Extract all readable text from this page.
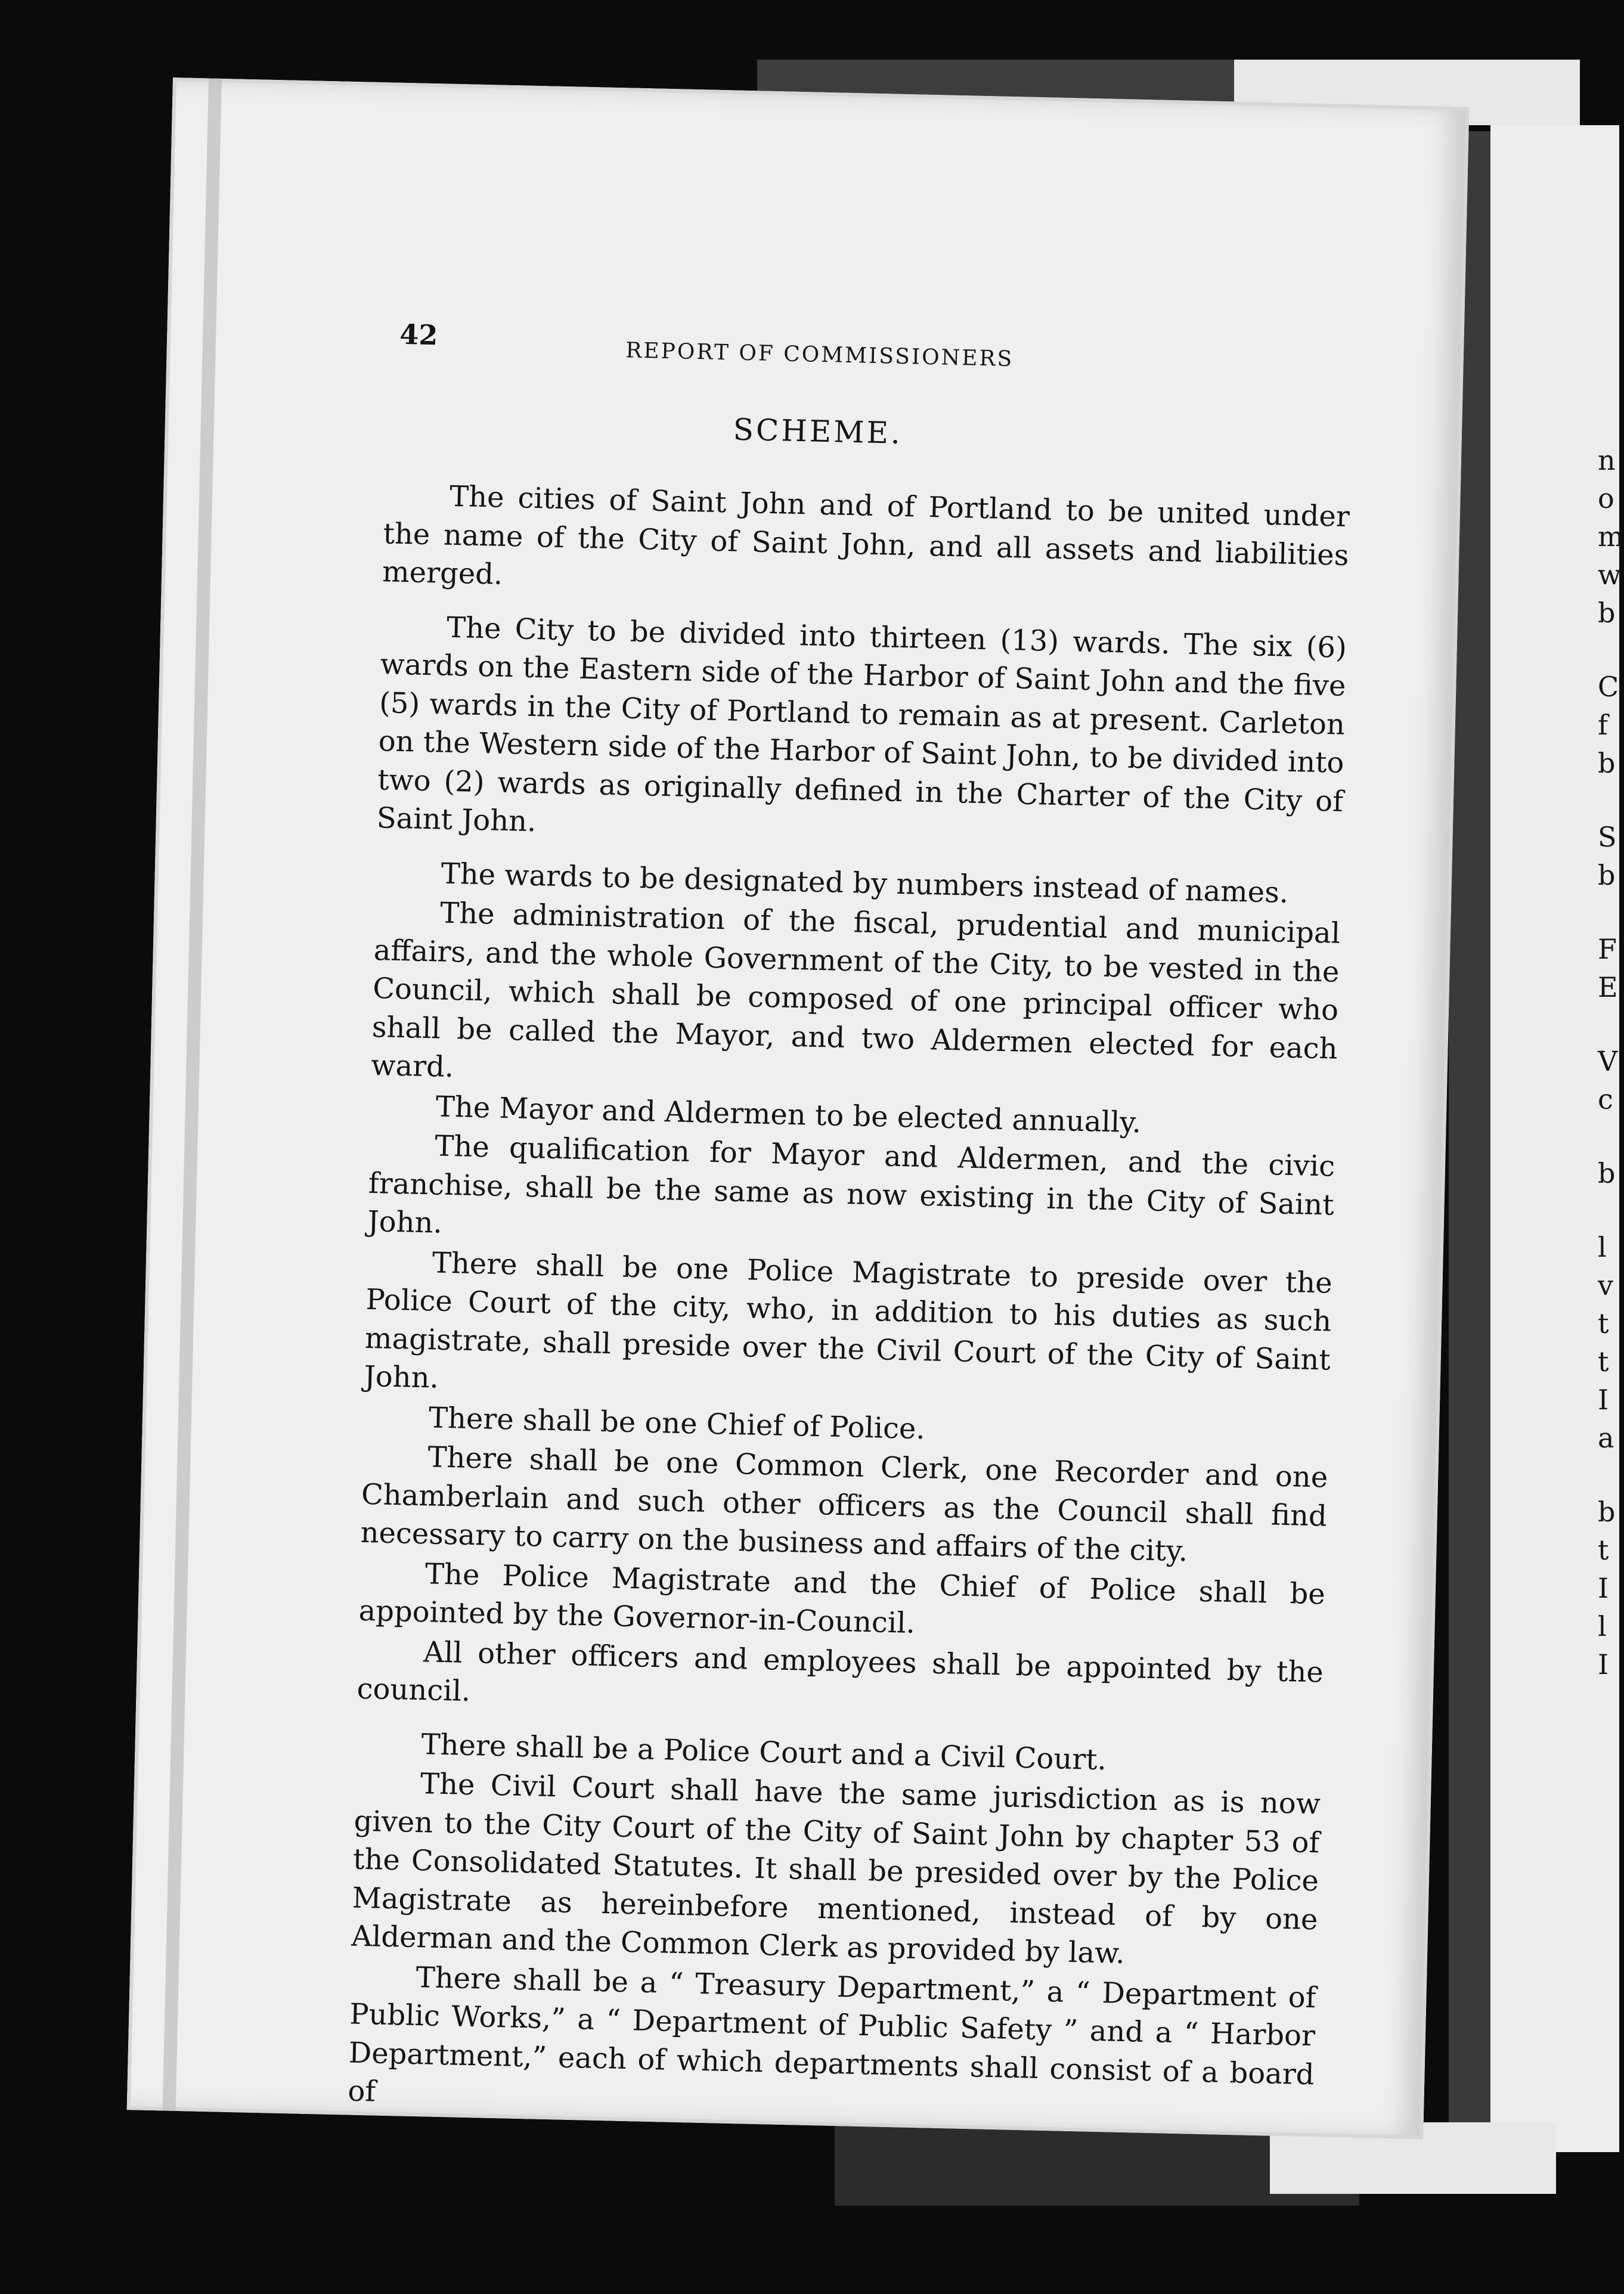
n
o
m
w
b
C
f
b
S
b
F
E
V
c
b
l
v
t
t
I
a
b
t
I
l
I
42
REPORT OF COMMISSIONERS
SCHEME.

The cities of Saint John and of Portland to be united under the name of the City of Saint John, and all assets and liabilities merged.

The City to be divided into thirteen (13) wards. The six (6) wards on the Eastern side of the Harbor of Saint John and the five (5) wards in the City of Portland to remain as at present. Carleton on the Western side of the Harbor of Saint John, to be divided into two (2) wards as originally defined in the Charter of the City of Saint John.

The wards to be designated by numbers instead of names.

The administration of the fiscal, prudential and municipal affairs, and the whole Government of the City, to be vested in the Council, which shall be composed of one principal officer who shall be called the Mayor, and two Aldermen elected for each ward.

The Mayor and Aldermen to be elected annually.

The qualification for Mayor and Aldermen, and the civic franchise, shall be the same as now existing in the City of Saint John.

There shall be one Police Magistrate to preside over the Police Court of the city, who, in addition to his duties as such magistrate, shall preside over the Civil Court of the City of Saint John.

There shall be one Chief of Police.

There shall be one Common Clerk, one Recorder and one Chamberlain and such other officers as the Council shall find necessary to carry on the business and affairs of the city.

The Police Magistrate and the Chief of Police shall be appointed by the Governor-in-Council.

All other officers and employees shall be appointed by the council.

There shall be a Police Court and a Civil Court.

The Civil Court shall have the same jurisdiction as is now given to the City Court of the City of Saint John by chapter 53 of the Consolidated Statutes. It shall be presided over by the Police Magistrate as hereinbefore mentioned, instead of by one Alderman and the Common Clerk as provided by law.

There shall be a “ Treasury Department,” a “ Department of Public Works,” a “ Department of Public Safety ” and a “ Harbor Department,” each of which departments shall consist of a board of
